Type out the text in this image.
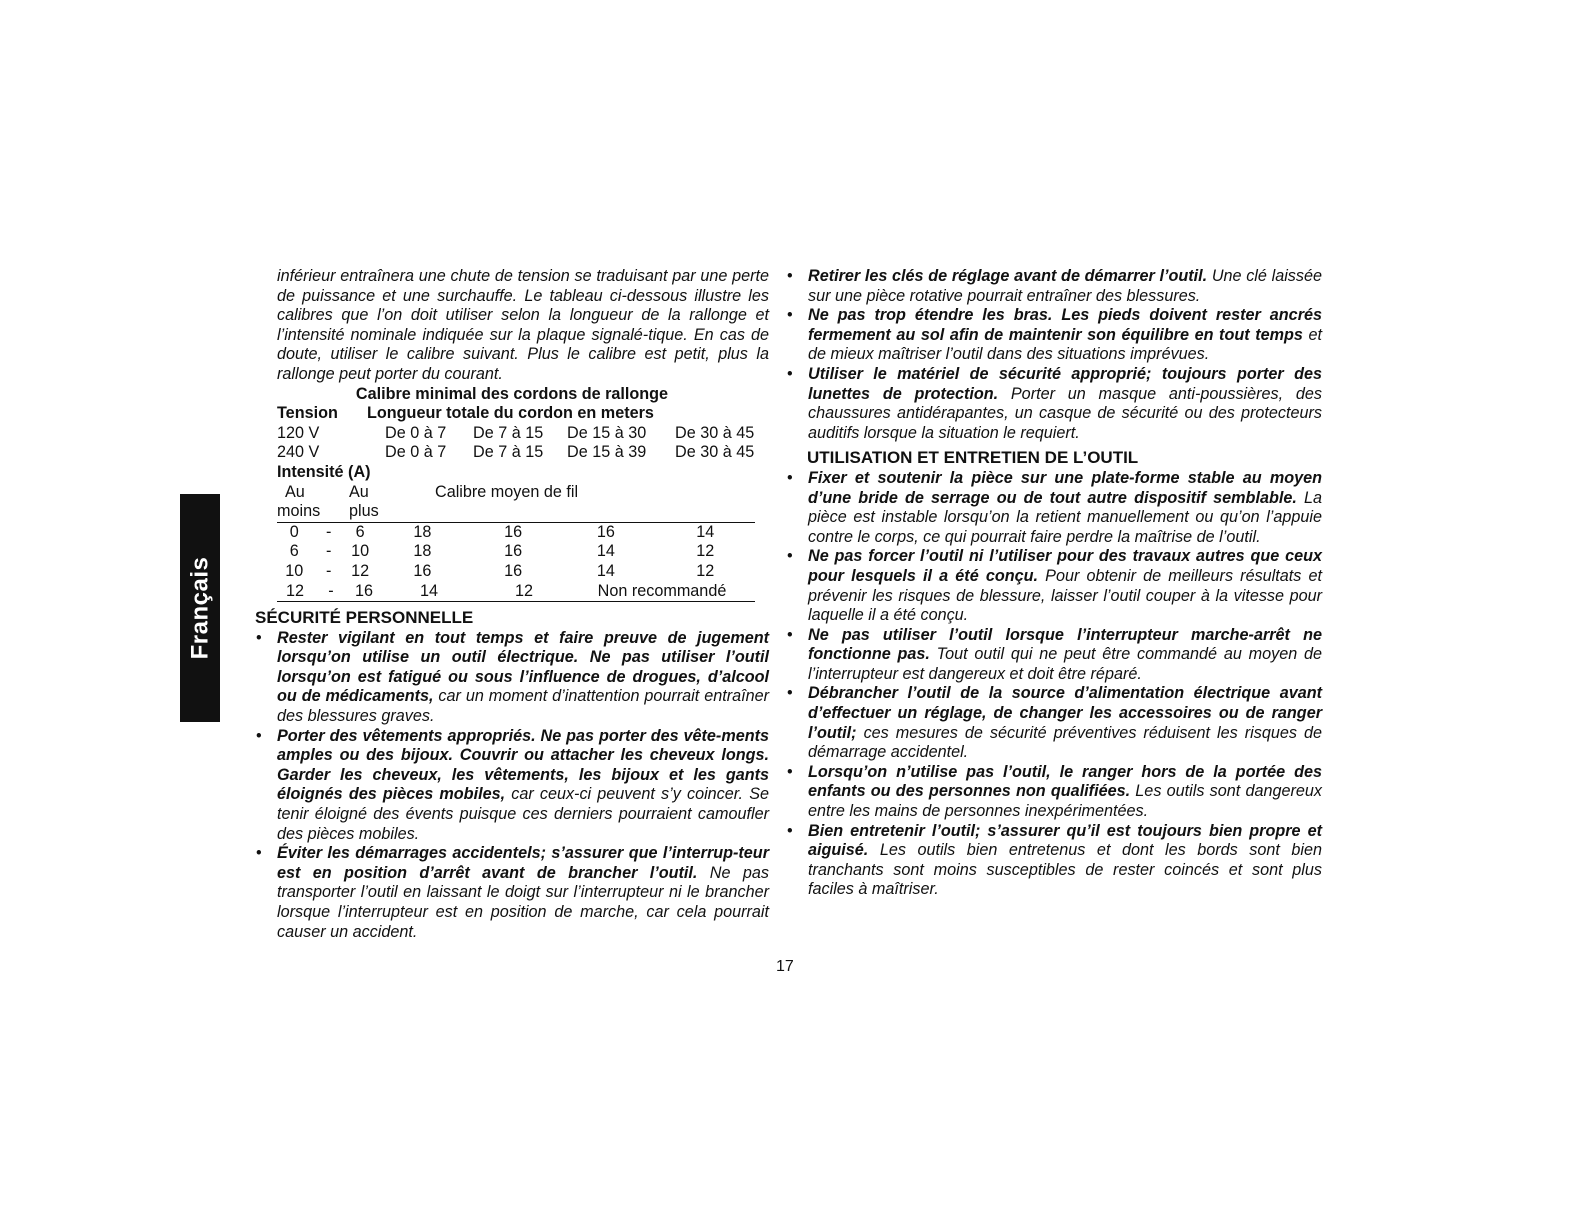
Français

inférieur entraînera une chute de tension se traduisant par une perte de puissance et une surchauffe. Le tableau ci-dessous illustre les calibres que l’on doit utiliser selon la longueur de la rallonge et l’intensité nominale indiquée sur la plaque signalé-tique. En cas de doute, utiliser le calibre suivant. Plus le calibre est petit, plus la rallonge peut porter du courant.

Calibre minimal des cordons de rallonge
Tension	Longueur totale du cordon en meters
120 V	De 0 à 7	De 7 à 15	De 15 à 30	De 30 à 45
240 V	De 0 à 7	De 7 à 15	De 15 à 39	De 30 à 45
Intensité (A)
Au	Au	Calibre moyen de fil
moins	plus
0	-	6	18	16	16	14
6	-	10	18	16	14	12
10	-	12	16	16	14	12
12	-	16	14	12	Non recommandé
SÉCURITÉ PERSONNELLE
• Rester vigilant en tout temps et faire preuve de jugement lorsqu’on utilise un outil électrique. Ne pas utiliser l’outil lorsqu’on est fatigué ou sous l’influence de drogues, d’alcool ou de médicaments, car un moment d’inattention pourrait entraîner des blessures graves.
• Porter des vêtements appropriés. Ne pas porter des vête-ments amples ou des bijoux. Couvrir ou attacher les cheveux longs. Garder les cheveux, les vêtements, les bijoux et les gants éloignés des pièces mobiles, car ceux-ci peuvent s’y coincer. Se tenir éloigné des évents puisque ces derniers pourraient camoufler des pièces mobiles.
• Éviter les démarrages accidentels; s’assurer que l’interrup-teur est en position d’arrêt avant de brancher l’outil. Ne pas transporter l’outil en laissant le doigt sur l’interrupteur ni le brancher lorsque l’interrupteur est en position de marche, car cela pourrait causer un accident.
• Retirer les clés de réglage avant de démarrer l’outil. Une clé laissée sur une pièce rotative pourrait entraîner des blessures.
• Ne pas trop étendre les bras. Les pieds doivent rester ancrés fermement au sol afin de maintenir son équilibre en tout temps et de mieux maîtriser l’outil dans des situations imprévues.
• Utiliser le matériel de sécurité approprié; toujours porter des lunettes de protection. Porter un masque anti-poussières, des chaussures antidérapantes, un casque de sécurité ou des protecteurs auditifs lorsque la situation le requiert.
UTILISATION ET ENTRETIEN DE L’OUTIL
• Fixer et soutenir la pièce sur une plate-forme stable au moyen d’une bride de serrage ou de tout autre dispositif semblable. La pièce est instable lorsqu’on la retient manuellement ou qu’on l’appuie contre le corps, ce qui pourrait faire perdre la maîtrise de l’outil.
• Ne pas forcer l’outil ni l’utiliser pour des travaux autres que ceux pour lesquels il a été conçu. Pour obtenir de meilleurs résultats et prévenir les risques de blessure, laisser l’outil couper à la vitesse pour laquelle il a été conçu.
• Ne pas utiliser l’outil lorsque l’interrupteur marche-arrêt ne fonctionne pas. Tout outil qui ne peut être commandé au moyen de l’interrupteur est dangereux et doit être réparé.
• Débrancher l’outil de la source d’alimentation électrique avant d’effectuer un réglage, de changer les accessoires ou de ranger l’outil; ces mesures de sécurité préventives réduisent les risques de démarrage accidentel.
• Lorsqu’on n’utilise pas l’outil, le ranger hors de la portée des enfants ou des personnes non qualifiées. Les outils sont dangereux entre les mains de personnes inexpérimentées.
• Bien entretenir l’outil; s’assurer qu’il est toujours bien propre et aiguisé. Les outils bien entretenus et dont les bords sont bien tranchants sont moins susceptibles de rester coincés et sont plus faciles à maîtriser.
17
